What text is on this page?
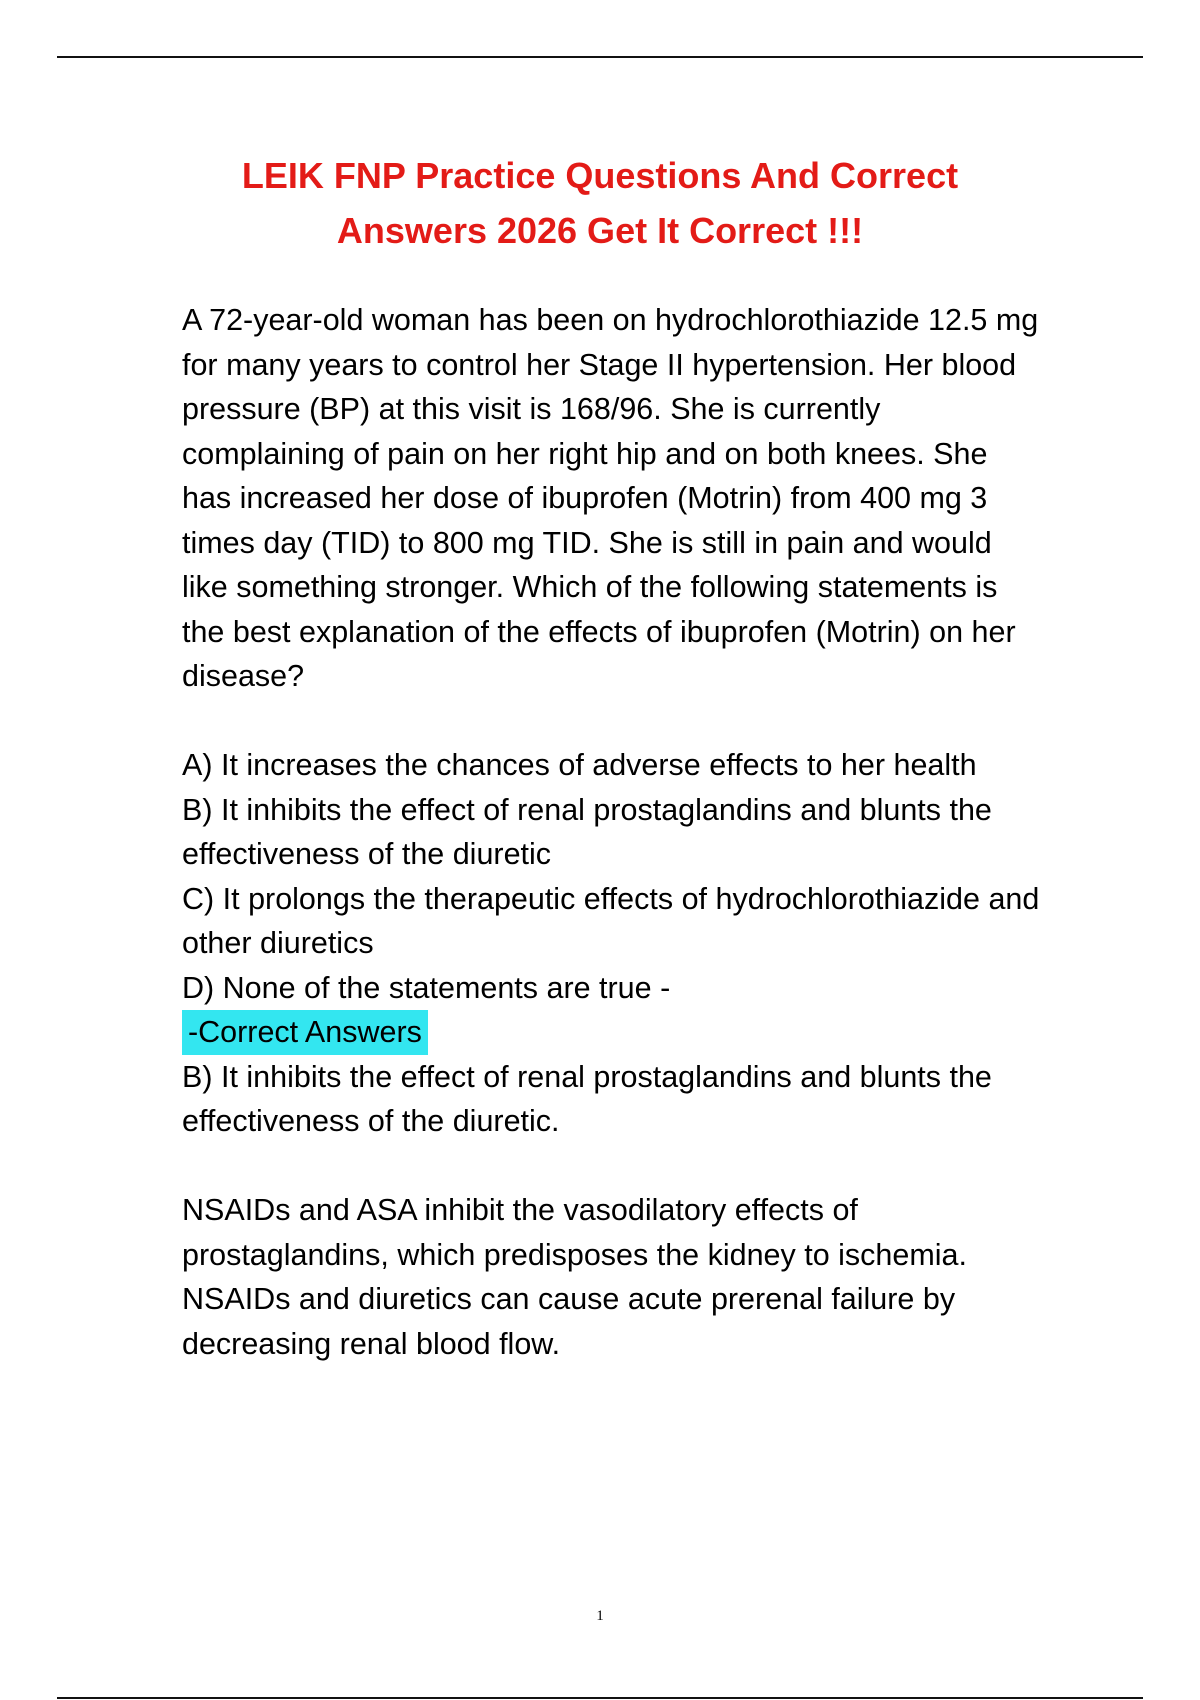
LEIK FNP Practice Questions And Correct
Answers 2026 Get It Correct !!!

A 72-year-old woman has been on hydrochlorothiazide 12.5 mg for many years to control her Stage II hypertension. Her blood pressure (BP) at this visit is 168/96. She is currently complaining of pain on her right hip and on both knees. She has increased her dose of ibuprofen (Motrin) from 400 mg 3 times day (TID) to 800 mg TID. She is still in pain and would like something stronger. Which of the following statements is the best explanation of the effects of ibuprofen (Motrin) on her disease?

A) It increases the chances of adverse effects to her health

B) It inhibits the effect of renal prostaglandins and blunts the effectiveness of the diuretic

C) It prolongs the therapeutic effects of hydrochlorothiazide and other diuretics

D) None of the statements are true -

-Correct Answers

B) It inhibits the effect of renal prostaglandins and blunts the effectiveness of the diuretic.

NSAIDs and ASA inhibit the vasodilatory effects of prostaglandins, which predisposes the kidney to ischemia. NSAIDs and diuretics can cause acute prerenal failure by decreasing renal blood flow.

1
